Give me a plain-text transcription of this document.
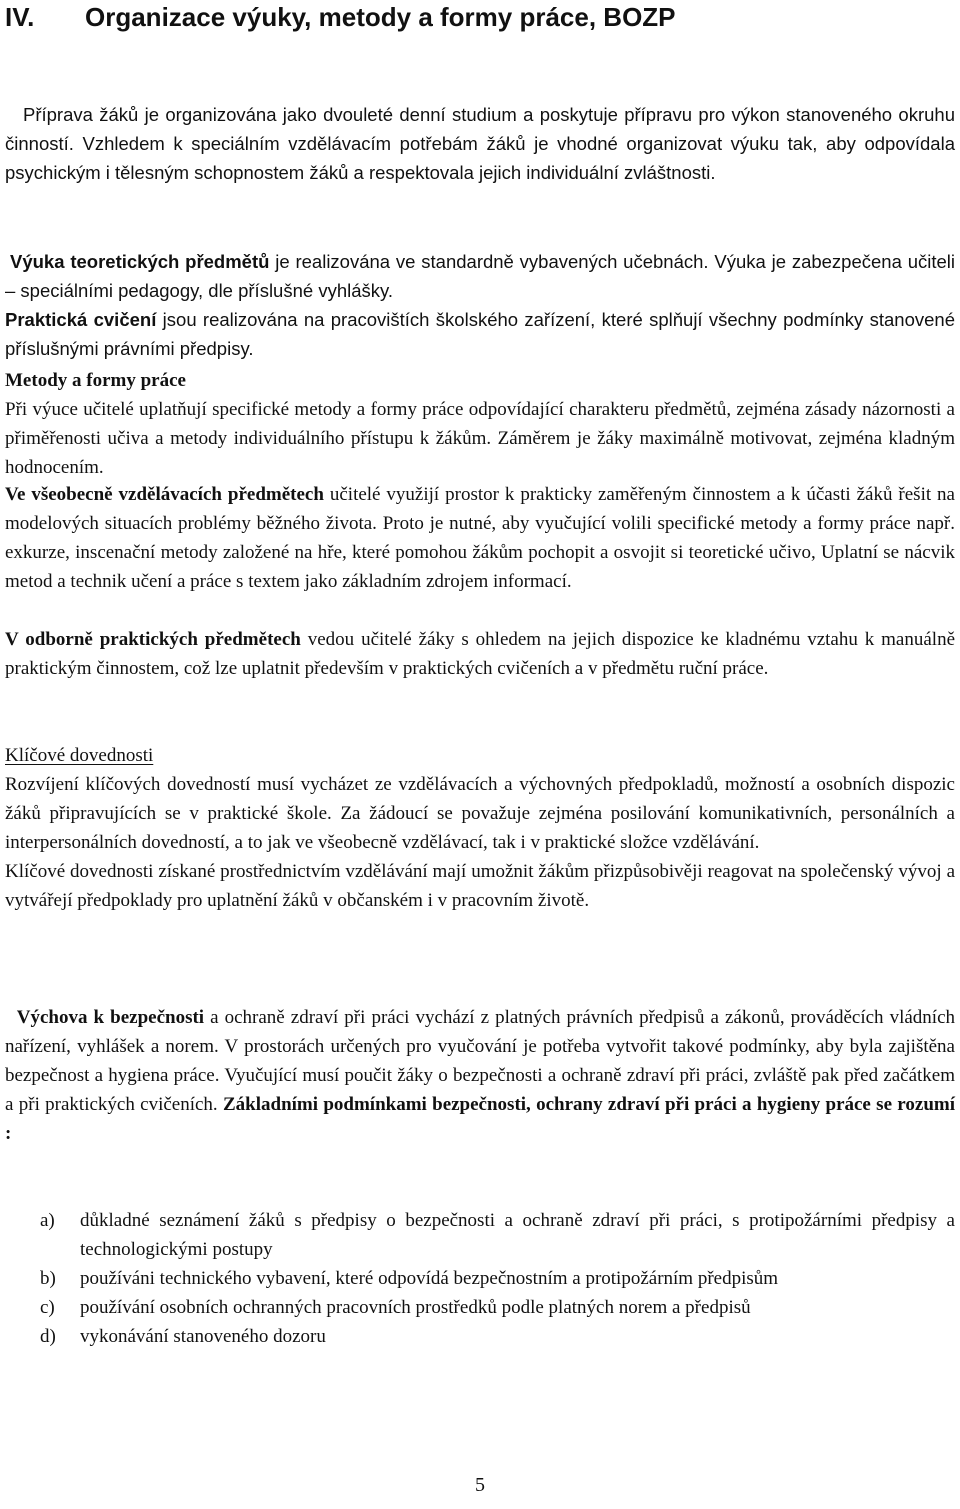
IV. Organizace výuky, metody a formy práce, BOZP

Příprava žáků je organizována jako dvouleté denní studium a poskytuje přípravu pro výkon stanoveného okruhu činností. Vzhledem k speciálním vzdělávacím potřebám žáků je vhodné organizovat výuku tak, aby odpovídala psychickým i tělesným schopnostem žáků a respektovala jejich individuální zvláštnosti.

Výuka teoretických předmětů je realizována ve standardně vybavených učebnách. Výuka je zabezpečena učiteli – speciálními pedagogy, dle příslušné vyhlášky.

Praktická cvičení jsou realizována na pracovištích školského zařízení, které splňují všechny podmínky stanovené příslušnými právními předpisy.

Metody a formy práce
Při výuce učitelé uplatňují specifické metody a formy práce odpovídající charakteru předmětů, zejména zásady názornosti a přiměřenosti učiva a metody individuálního přístupu k žákům. Záměrem je žáky maximálně motivovat, zejména kladným hodnocením.

Ve všeobecně vzdělávacích předmětech učitelé využijí prostor k prakticky zaměřeným činnostem a k účasti žáků řešit na modelových situacích problémy běžného života. Proto je nutné, aby vyučující volili specifické metody a formy práce např. exkurze, inscenační metody založené na hře, které pomohou žákům pochopit a osvojit si teoretické učivo, Uplatní se nácvik metod a technik učení a práce s textem jako základním zdrojem informací.

V odborně praktických předmětech vedou učitelé žáky s ohledem na jejich dispozice ke kladnému vztahu k manuálně praktickým činnostem, což lze uplatnit především v praktických cvičeních a v předmětu ruční práce.

Klíčové dovednosti
Rozvíjení klíčových dovedností musí vycházet ze vzdělávacích a výchovných předpokladů, možností a osobních dispozic žáků připravujících se v praktické škole. Za žádoucí se považuje zejména posilování komunikativních, personálních a interpersonálních dovedností, a to jak ve všeobecně vzdělávací, tak i v praktické složce vzdělávání.
Klíčové dovednosti získané prostřednictvím vzdělávání mají umožnit žákům přizpůsobivěji reagovat na společenský vývoj a vytvářejí předpoklady pro uplatnění žáků v občanském i v pracovním životě.

Výchova k bezpečnosti a ochraně zdraví při práci vychází z platných právních předpisů a zákonů, prováděcích vládních nařízení, vyhlášek a norem. V prostorách určených pro vyučování je potřeba vytvořit takové podmínky, aby byla zajištěna bezpečnost a hygiena práce. Vyučující musí poučit žáky o bezpečnosti a ochraně zdraví při práci, zvláště pak před začátkem a při praktických cvičeních. Základními podmínkami bezpečnosti, ochrany zdraví při práci a hygieny práce se rozumí :

a)	důkladné seznámení žáků s předpisy o bezpečnosti a ochraně zdraví při práci, s protipožárními předpisy a technologickými postupy
b)	používáni technického vybavení, které odpovídá bezpečnostním a protipožárním předpisům
c)	používání osobních ochranných pracovních prostředků podle platných norem a předpisů
d)	vykonávání stanoveného dozoru
5
